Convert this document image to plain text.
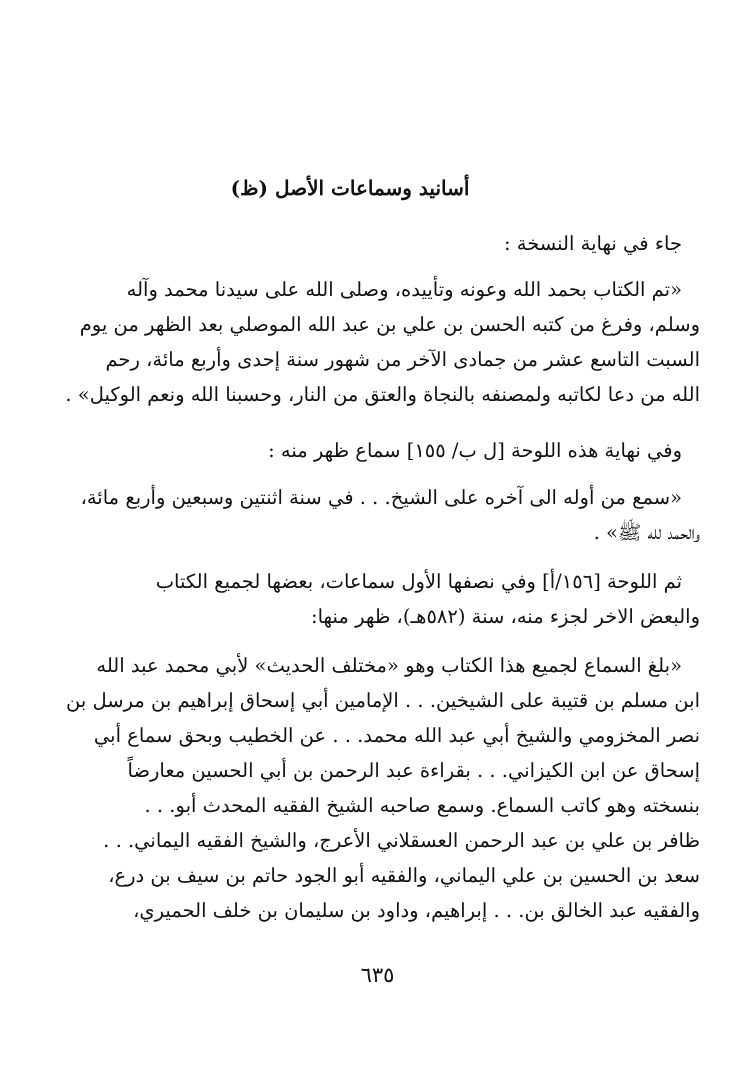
أسانيد وسماعات الأصل (ظ)
جاء في نهاية النسخة :
«تم الكتاب بحمد الله وعونه وتأييده، وصلى الله على سيدنا محمد وآله
وسلم، وفرغ من كتبه الحسن بن علي بن عبد الله الموصلي بعد الظهر من يوم
السبت التاسع عشر من جمادى الآخر من شهور سنة إحدى وأربع مائة، رحم
الله من دعا لكاتبه ولمصنفه بالنجاة والعتق من النار، وحسبنا الله ونعم الوكيل» .
وفي نهاية هذه اللوحة [ل ب/ ١٥٥] سماع ظهر منه :
«سمع من أوله الى آخره على الشيخ. . . في سنة اثنتين وسبعين وأربع مائة،
والحمد لله ﷺ» .
ثم اللوحة [١٥٦/أ] وفي نصفها الأول سماعات، بعضها لجميع الكتاب
والبعض الاخر لجزء منه، سنة (٥٨٢هـ)، ظهر منها:
«بلغ السماع لجميع هذا الكتاب وهو «مختلف الحديث» لأبي محمد عبد الله
ابن مسلم بن قتيبة على الشيخين. . . الإمامين أبي إسحاق إبراهيم بن مرسل بن
نصر المخزومي والشيخ أبي عبد الله محمد. . . عن الخطيب وبحق سماع أبي
إسحاق عن ابن الكيزاني. . . بقراءة عبد الرحمن بن أبي الحسين معارضاً
بنسخته وهو كاتب السماع. وسمع صاحبه الشيخ الفقيه المحدث أبو. . .
ظافر بن علي بن عبد الرحمن العسقلاني الأعرج، والشيخ الفقيه اليماني. . .
سعد بن الحسين بن علي اليماني، والفقيه أبو الجود حاتم بن سيف بن درع،
والفقيه عبد الخالق بن. . . إبراهيم، وداود بن سليمان بن خلف الحميري،
٦٣٥
